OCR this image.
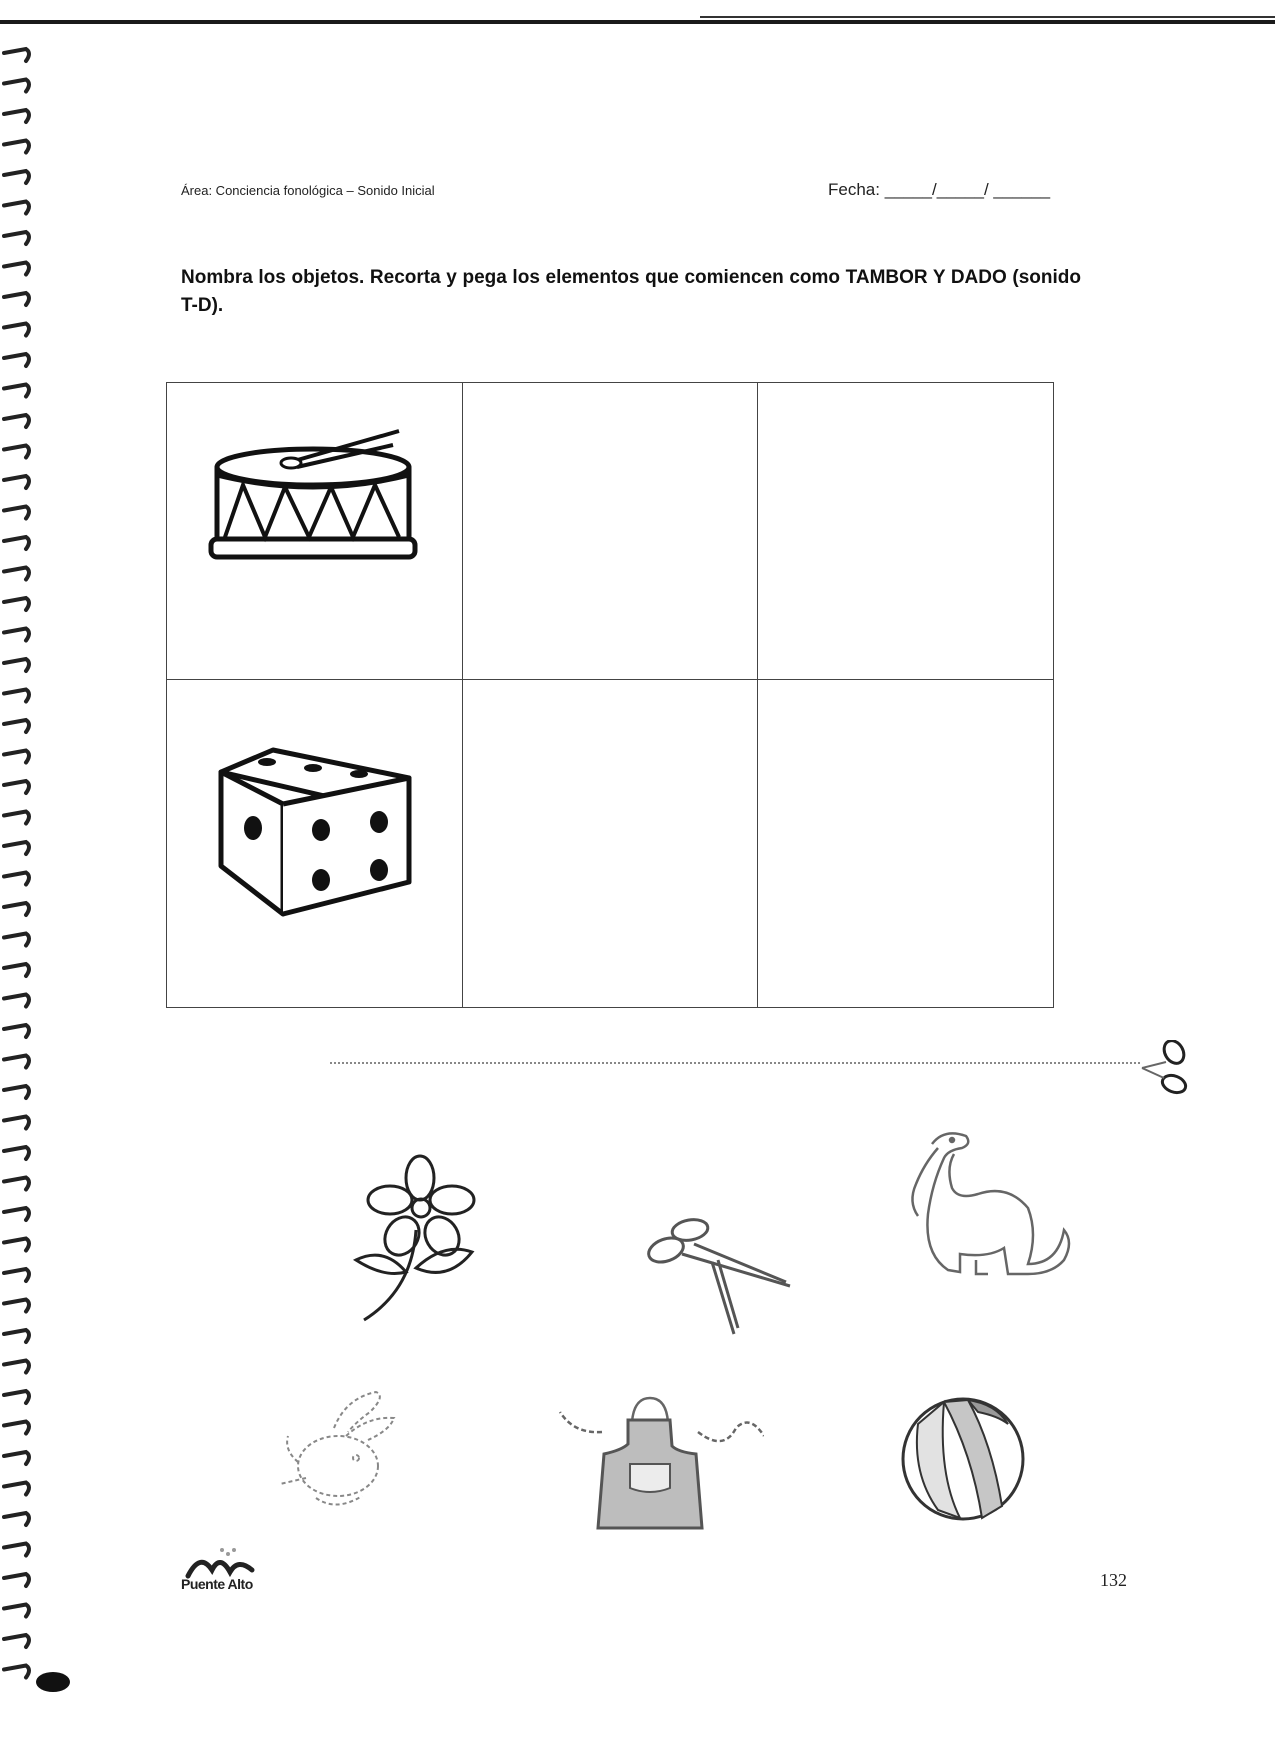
Área: Conciencia fonológica – Sonido Inicial	Fecha: _____/_____/ ______
Nombra los objetos. Recorta y pega los elementos que comiencen como TAMBOR Y DADO (sonido T-D).
Puente Alto	132
